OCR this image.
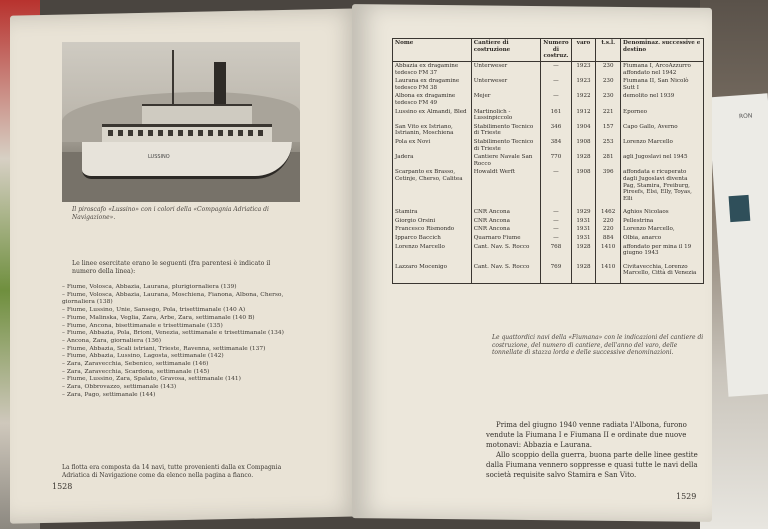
RON
LUSSINO
Il piroscafo «Lussino» con i colori della «Compagnia Adriatica di Navigazione».
Le linee esercitate erano le seguenti (fra parentesi è indicato il numero della linea):
– Fiume, Volosca, Abbazia, Laurana, plurigiornaliera (139)
– Fiume, Volosca, Abbazia, Laurana, Moschiena, Fianona, Albona, Cherso, giornaliera (138)
– Fiume, Lussino, Unie, Sansego, Pola, trisettimanale (140 A)
– Fiume, Malinska, Veglia, Zara, Arbe, Zara, settimanale (140 B)
– Fiume, Ancona, bisettimanale e trisettimanale (135)
– Fiume, Abbazia, Pola, Brioni, Venezia, settimanale e trisettimanale (134)
– Ancona, Zara, giornaliera (136)
– Fiume, Abbazia, Scali istriani, Trieste, Ravenna, settimanale (137)
– Fiume, Abbazia, Lussino, Lagosta, settimanale (142)
– Zara, Zaravecchia, Sebenico, settimanale (146)
– Zara, Zaravecchia, Scardona, settimanale (145)
– Fiume, Lussino, Zara, Spalato, Gravosa, settimanale (141)
– Zara, Obbrovazzo, settimanale (143)
– Zara, Pago, settimanale (144)
La flotta era composta da 14 navi, tutte provenienti dalla ex Compagnia Adriatica di Navigazione come da elenco nella pagina a fianco.
1528
Nome	Cantiere di costruzione	Numero di costruz.	varo	t.s.l.	Denominaz. successive e destino
Abbazia ex dragamine tedesco FM 37	Unterweser	—	1923	230	Fiumana I, ArcoAzzurro affondato nel 1942
Laurana ex dragamine tedesco FM 38	Unterweser	—	1923	230	Fiumana II, San Nicolò Sutt I
Albona ex dragamine tedesco FM 49	Mejer	—	1922	230	demolito nel 1939
Lussino ex Almandi, Bled	Martinolich - Lussinpiccolo	161	1912	221	Eporneo
San Vito ex Istriano, Istrianin, Moschiena	Stabilimento Tecnico di Trieste	346	1904	157	Capo Gallo, Averno
Pola ex Novi	Stabilimento Tecnico di Trieste	384	1908	253	Lorenzo Marcello
Jadera	Cantiere Navale San Rocco	770	1928	281	agli Jugoslavi nel 1945
Scarpanto ex Brasso, Cetinje, Cherso, Calitea	Howaldt Werft	—	1908	396	affondata e ricuperato dagli Jugoslavi diventa Pag, Stamira, Freiburg, Pireefs, Elsi, Elly, Toyas, Elli
Stamira	CNR Ancona	—	1929	1462	Aghios Nicolaos
Giorgio Orsini	CNR Ancona	—	1931	220	Pellestrina
Francesco Rismondo	CNR Ancona	—	1931	220	Lorenzo Marcello,
Ipparco Baccich	Quarnaro Fiume	—	1931	884	Olbia, anarco
Lorenzo Marcello	Cant. Nav. S. Rocco	768	1928	1410	affondato per mina il 19 giugno 1943
Lazzaro Mocenigo	Cant. Nav. S. Rocco	769	1928	1410	Civitavecchia, Lorenzo Marcello, Città di Venezia
Le quattordici navi della «Fiumana» con le indicazioni del cantiere di costruzione, del numero di cantiere, dell'anno del varo, delle tonnellate di stazza lorda e delle successive denominazioni.

Prima del giugno 1940 venne radiata l'Albona, furono vendute la Fiumana I e Fiumana II e ordinate due nuove motonavi: Abbazia e Laurana.

Allo scoppio della guerra, buona parte delle linee gestite dalla Fiumana vennero soppresse e quasi tutte le navi della società requisite salvo Stamira e San Vito.

1529
